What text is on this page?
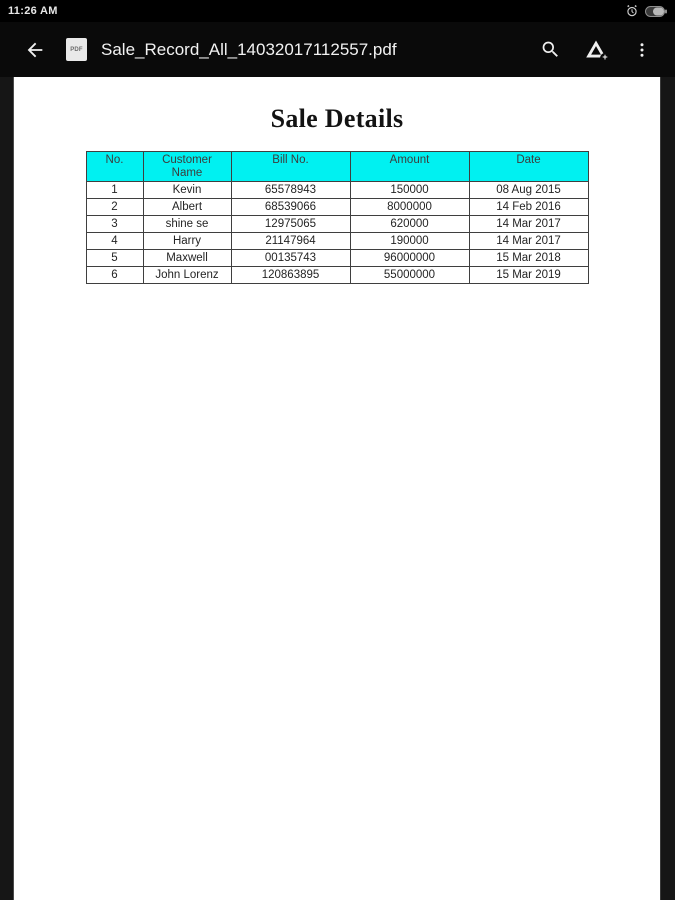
11:26 AM
PDF Sale_Record_All_14032017112557.pdf	+
Sale Details
No.	Customer Name	Bill No.	Amount	Date
1	Kevin	65578943	150000	08 Aug 2015
2	Albert	68539066	8000000	14 Feb 2016
3	shine se	12975065	620000	14 Mar 2017
4	Harry	21147964	190000	14 Mar 2017
5	Maxwell	00135743	96000000	15 Mar 2018
6	John Lorenz	120863895	55000000	15 Mar 2019
